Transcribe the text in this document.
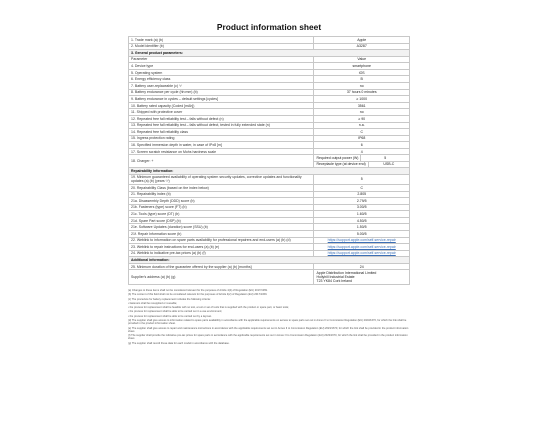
Product information sheet
1. Trade mark (a) (b)	Apple
2. Model identifier (b)	A3287
3. General product parameters:	
Parameter	Value
4. Device type	smartphone
5. Operating system	iOS
6. Energy efficiency class	B
7. Battery user-replaceable (c) ⁽¹⁾	no
8. Battery endurance per cycle (hh:mm) (b)	37 hours 0 minutes
9. Battery endurance in cycles – default settings [cycles]	≥ 1000
10. Battery rated capacity (Coded [mAh])	3561
11. Shipped with protective cover	no
12. Repeated free fall reliability test – falls without defect (n)	≥ 90
13. Repeated free fall reliability test – falls without defect, tested in fully extended state (n)	n.a.
14. Repeated free fall reliability class	C
15. Ingress protection rating	IP68
16. Specified immersion depth in water, in case of IPx8 [m]	6
17. Screen scratch resistance on Mohs hardness scale	4
18. Charger: +	Required output power (W) 5

	Receptacle type (at device end) USB-C

Repairability information:	
19. Minimum guaranteed availability of operating system security updates, corrective updates and functionality updates (a) (b) (years ⁽²⁾)	5
20. Repairability Class (based on the index below)	C
21. Repairability index (b)	2.805
21a. Disassembly Depth (DDD) score (b)	2.79/5
21b. Fasteners (type) score (FT) (b)	3.00/5
21c. Tools (type) score (DT) (b)	1.60/5
21d. Spare Part score (DSP) (b)	4.50/5
21e. Software Updates (duration) score (SSU) (b)	1.50/5
21f. Repair Information score (b)	5.00/5
22. Weblink to information on spare parts availability for professional repairers and end-users (a) (b) (d)	https://support.apple.com/self-service-repair
23. Weblink to repair instructions for end-users (a) (b) (e)	https://support.apple.com/self-service-repair
24. Weblink to indicative pre-tax prices (a) (b) (f)	https://support.apple.com/self-service-repair
Additional information:	
25. Minimum duration of the guarantee offered by the supplier (a) (b) [months]	24
Supplier's address (a) (b) (g)	Apple Distribution International Limited
Hollyhill Industrial Estate
T23 YK84 Cork Ireland

(a) Changes to these items shall not be considered relevant for the purposes of Article 4(4) of Regulation (EU) 2017/1369.

(b) The content of this field shall not be considered relevant for the purposes of Article 4(2) of Regulation (EU) 2017/1369.

(c) The procedure for battery replacement includes the following criteria:

• fasteners shall be resupplied or reusable;

• the process for replacement shall be feasible with no tool, a tool or set of tools that is supplied with the product or spare part, or basic tools;

• the process for replacement shall be able to be carried out in a use environment;

• the process for replacement shall be able to be carried out by a layman.

(d) The supplier shall give access to information related to spare parts availability in accordance with the applicable requirements on access to spare parts set out in Annex II to Commission Regulation (EU) 2023/1670, for which the link shall be provided in the product information sheet.

(e) The supplier shall give access to repair and maintenance instructions in accordance with the applicable requirements set out in Annex II to Commission Regulation (EU) 2023/1670, for which the link shall be provided in the product information sheet.

(f) The supplier shall provide the indicative pre-tax prices for spare parts in accordance with the applicable requirements set out in Annex II to Commission Regulation (EU) 2023/1670, for which the link shall be provided in the product information sheet.

(g) The supplier shall record these data for each model in accordance with the database.
